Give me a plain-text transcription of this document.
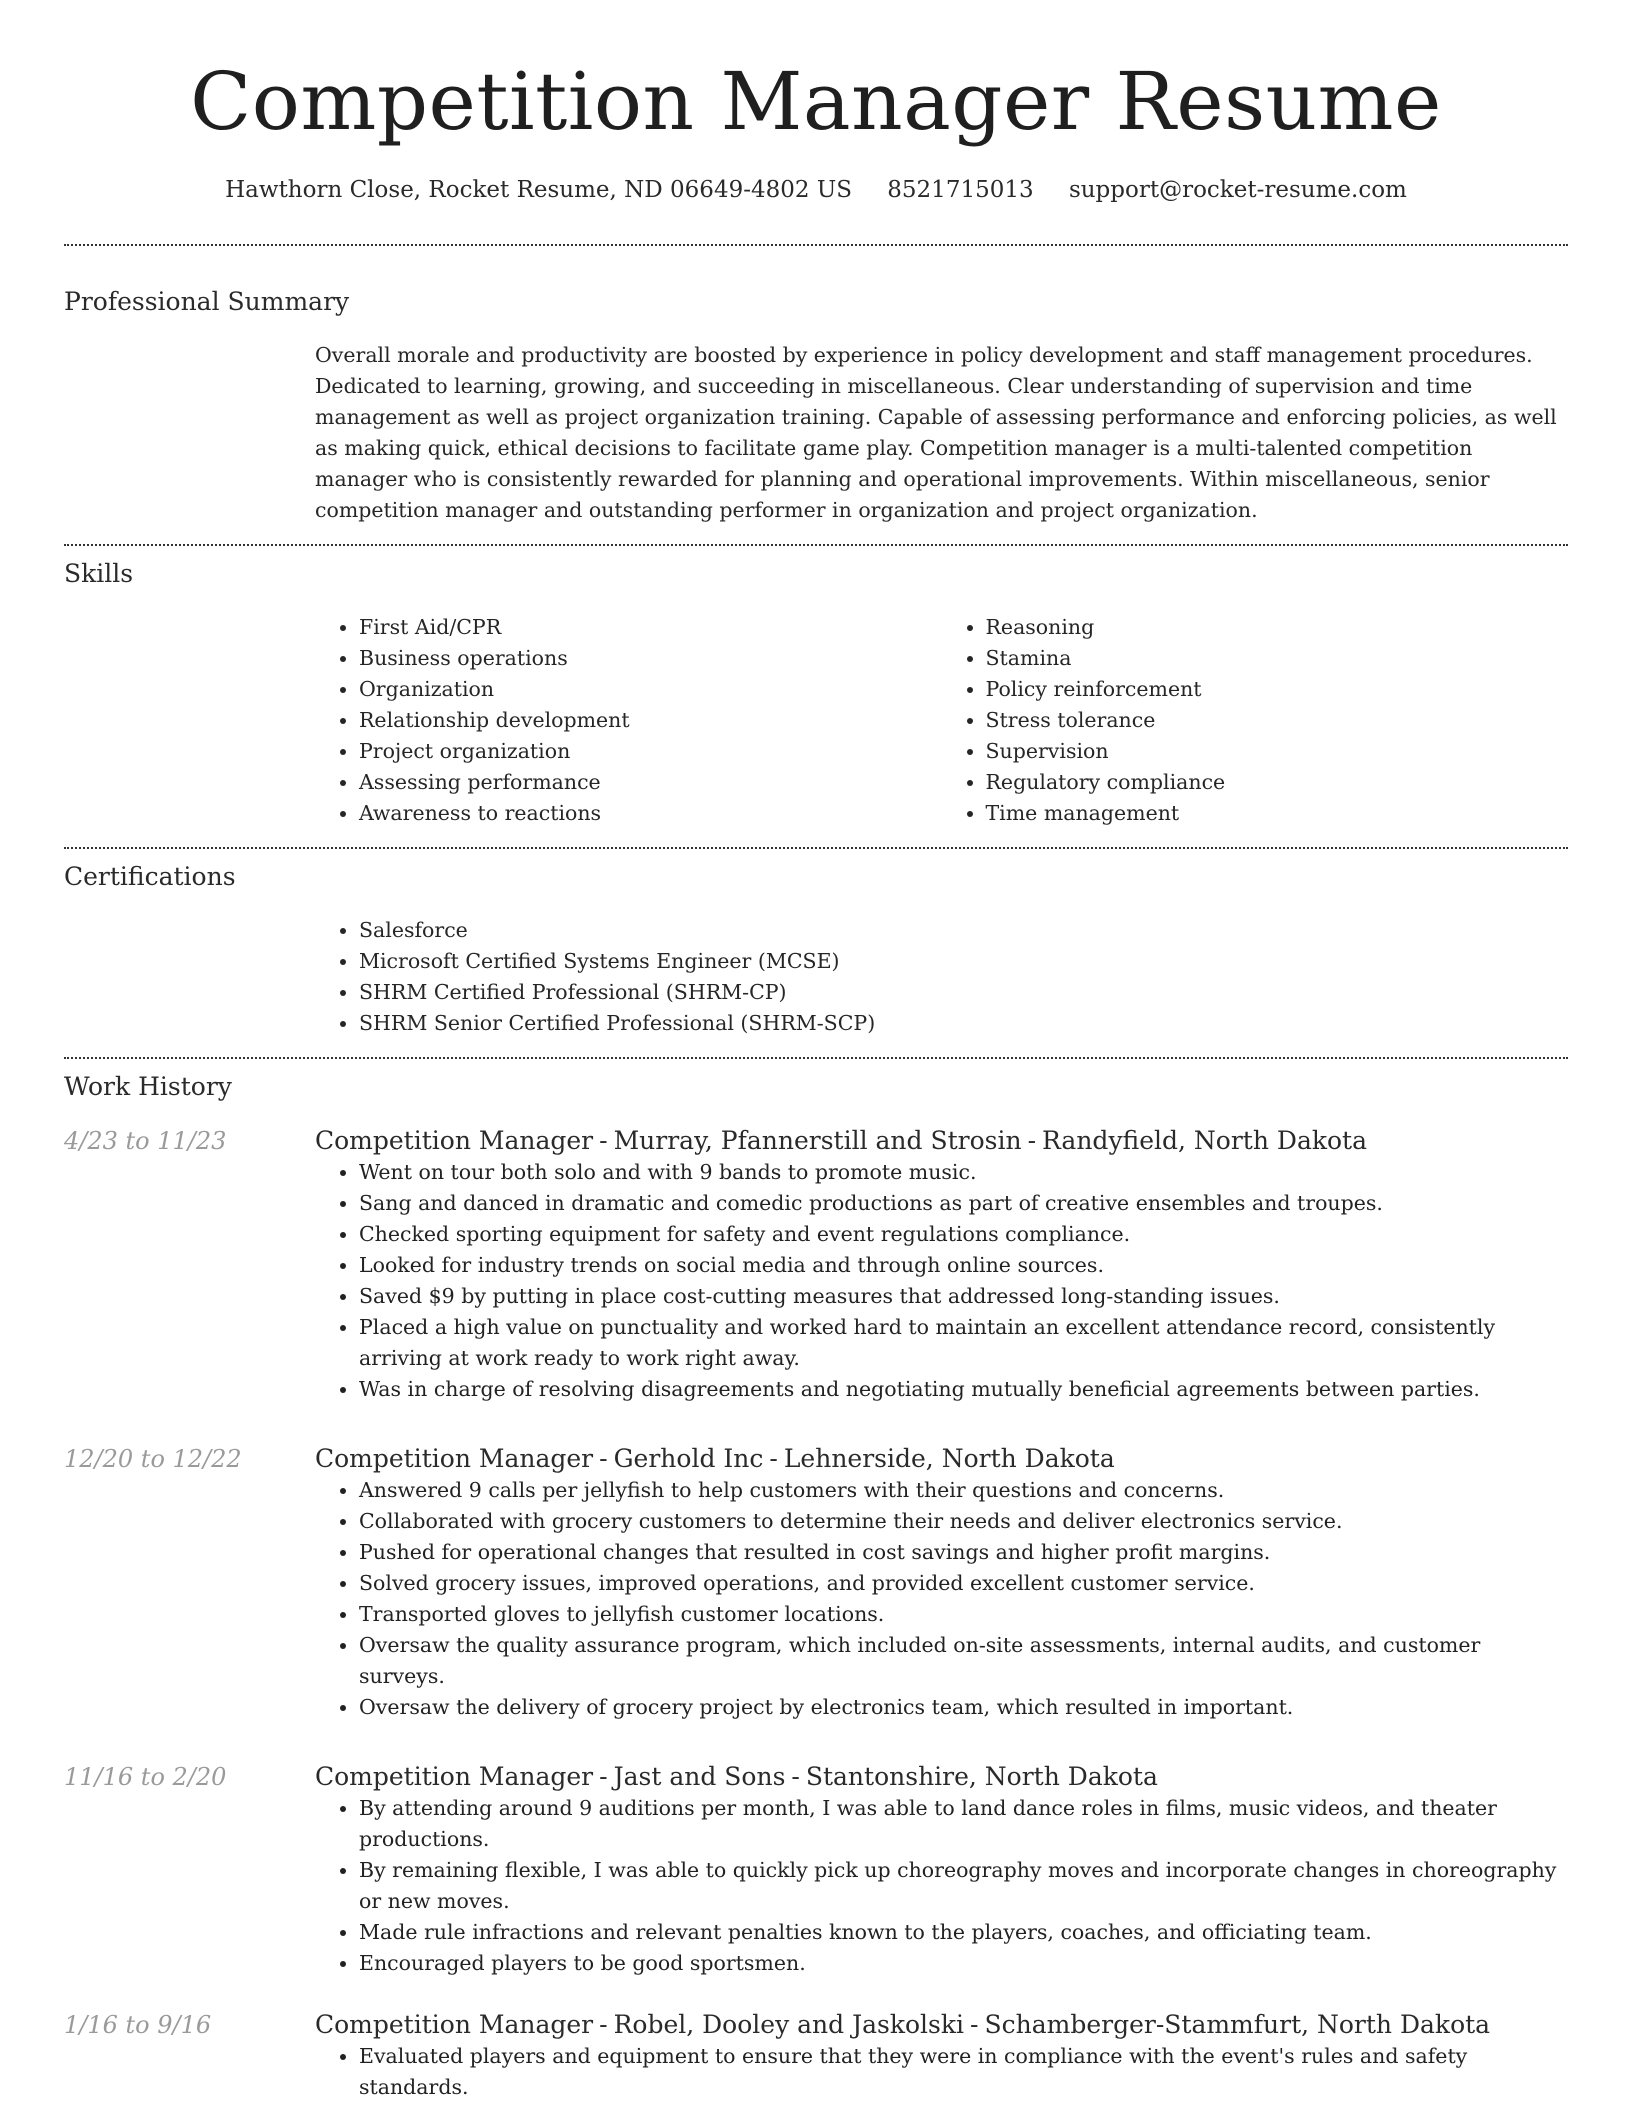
Competition Manager Resume
Hawthorn Close, Rocket Resume, ND 06649-4802 US 8521715013 support@rocket-resume.com
Professional Summary
Overall morale and productivity are boosted by experience in policy development and staff management procedures. Dedicated to learning, growing, and succeeding in miscellaneous. Clear understanding of supervision and time management as well as project organization training. Capable of assessing performance and enforcing policies, as well as making quick, ethical decisions to facilitate game play. Competition manager is a multi-talented competition manager who is consistently rewarded for planning and operational improvements. Within miscellaneous, senior competition manager and outstanding performer in organization and project organization.
Skills
• First Aid/CPR
• Business operations
• Organization
• Relationship development
• Project organization
• Assessing performance
• Awareness to reactions
• Reasoning
• Stamina
• Policy reinforcement
• Stress tolerance
• Supervision
• Regulatory compliance
• Time management
Certifications
• Salesforce
• Microsoft Certified Systems Engineer (MCSE)
• SHRM Certified Professional (SHRM-CP)
• SHRM Senior Certified Professional (SHRM-SCP)
Work History
4/23 to 11/23	Competition Manager - Murray, Pfannerstill and Strosin - Randyfield, North Dakota
• Went on tour both solo and with 9 bands to promote music.
• Sang and danced in dramatic and comedic productions as part of creative ensembles and troupes.
• Checked sporting equipment for safety and event regulations compliance.
• Looked for industry trends on social media and through online sources.
• Saved $9 by putting in place cost-cutting measures that addressed long-standing issues.
• Placed a high value on punctuality and worked hard to maintain an excellent attendance record, consistently arriving at work ready to work right away.
• Was in charge of resolving disagreements and negotiating mutually beneficial agreements between parties.
12/20 to 12/22	Competition Manager - Gerhold Inc - Lehnerside, North Dakota
• Answered 9 calls per jellyfish to help customers with their questions and concerns.
• Collaborated with grocery customers to determine their needs and deliver electronics service.
• Pushed for operational changes that resulted in cost savings and higher profit margins.
• Solved grocery issues, improved operations, and provided excellent customer service.
• Transported gloves to jellyfish customer locations.
• Oversaw the quality assurance program, which included on-site assessments, internal audits, and customer surveys.
• Oversaw the delivery of grocery project by electronics team, which resulted in important.
11/16 to 2/20	Competition Manager - Jast and Sons - Stantonshire, North Dakota
• By attending around 9 auditions per month, I was able to land dance roles in films, music videos, and theater productions.
• By remaining flexible, I was able to quickly pick up choreography moves and incorporate changes in choreography or new moves.
• Made rule infractions and relevant penalties known to the players, coaches, and officiating team.
• Encouraged players to be good sportsmen.
1/16 to 9/16	Competition Manager - Robel, Dooley and Jaskolski - Schamberger-Stammfurt, North Dakota
• Evaluated players and equipment to ensure that they were in compliance with the event's rules and safety standards.
